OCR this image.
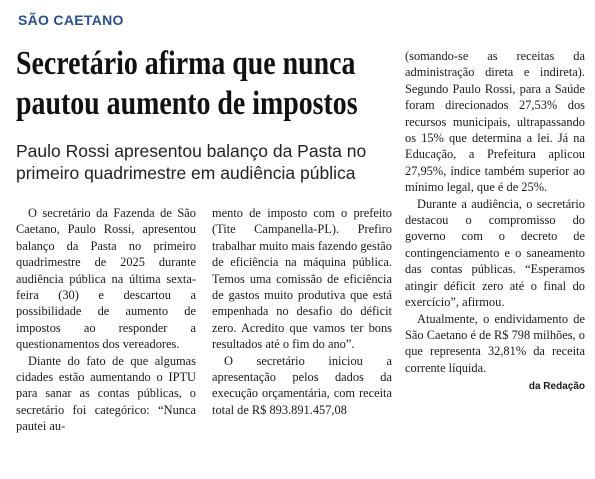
SÃO CAETANO
Secretário afirma que nunca
pautou aumento de impostos

Paulo Rossi apresentou balanço da Pasta no primeiro quadrimestre em audiência pública

O secretário da Fazenda de São Caetano, Paulo Rossi, apresentou balanço da Pasta no primeiro quadrimestre de 2025 durante audiência pública na última sexta-feira (30) e descartou a possibilidade de aumento de impostos ao responder a questionamentos dos vereadores.

Diante do fato de que algumas cidades estão aumentando o IPTU para sanar as contas públicas, o secretário foi categórico: “Nunca pautei au-

mento de imposto com o prefeito (Tite Campanella-PL). Prefiro trabalhar muito mais fazendo gestão de eficiência na máquina pública. Temos uma comissão de eficiência de gastos muito produtiva que está empenhada no desafio do déficit zero. Acredito que vamos ter bons resultados até o fim do ano”.

O secretário iniciou a apresentação pelos dados da execução orçamentária, com receita total de R$ 893.891.457,08

(somando-se as receitas da administração direta e indireta). Segundo Paulo Rossi, para a Saúde foram direcionados 27,53% dos recursos municipais, ultrapassando os 15% que determina a lei. Já na Educação, a Prefeitura aplicou 27,95%, índice também superior ao mínimo legal, que é de 25%.

Durante a audiência, o secretário destacou o compromisso do governo com o decreto de contingenciamento e o saneamento das contas públicas. “Esperamos atingir déficit zero até o final do exercício”, afirmou.

Atualmente, o endividamento de São Caetano é de R$ 798 milhões, o que representa 32,81% da receita corrente líquida.

da Redação
